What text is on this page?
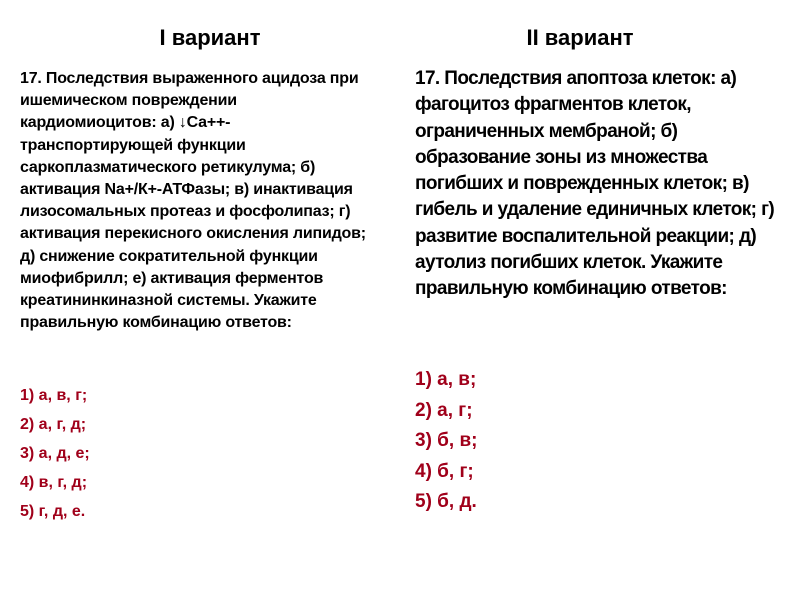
I вариант	II вариант

17. Последствия выраженного ацидоза при ишемическом повреждении кардиомиоцитов: а) ↓Са++-транспортирующей функции саркоплазматического ретикулума; б) активация Nа+/К+-АТФазы; в) инактивация лизосомальных протеаз и фосфолипаз; г) активация перекисного окисления липидов; д) снижение сократительной функции миофибрилл; е) активация ферментов креатининкиназной системы. Укажите правильную комбинацию ответов:

1) а, в, г;
2) а, г, д;
3) а, д, е;
4) в, г, д;
5) г, д, е.

17. Последствия апоптоза клеток: а) фагоцитоз фрагментов клеток, ограниченных мембраной; б) образование зоны из множества погибших и поврежденных клеток; в) гибель и удаление единичных клеток; г) развитие воспалительной реакции; д) аутолиз погибших клеток. Укажите правильную комбинацию ответов:

1) а, в;
2) а, г;
3) б, в;
4) б, г;
5) б, д.
